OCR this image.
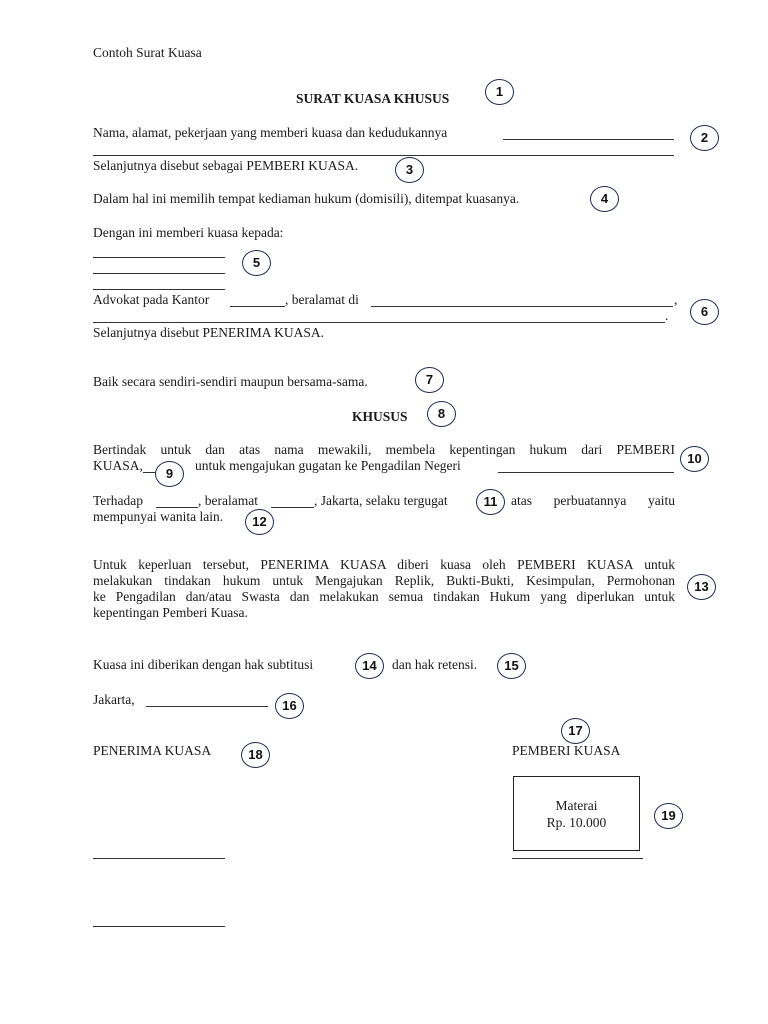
Contoh Surat Kuasa
SURAT KUASA KHUSUS	1
Nama, alamat, pekerjaan yang memberi kuasa dan kedudukannya	2
Selanjutnya disebut sebagai PEMBERI KUASA.	3
Dalam hal ini memilih tempat kediaman hukum (domisili), ditempat kuasanya.	4
Dengan ini memberi kuasa kepada:
5
Advokat pada Kantor	, beralamat di	,
.	6
Selanjutnya disebut PENERIMA KUASA.
Baik secara sendiri-sendiri maupun bersama-sama.	7
KHUSUS	8
Bertindak untuk dan atas nama mewakili, membela kepentingan hukum dari PEMBERI
KUASA,
9
untuk mengajukan gugatan ke Pengadilan Negeri	10
Terhadap	, beralamat	, Jakarta, selaku tergugat	11	atas perbuatannya yaitu
mempunyai wanita lain.	12
Untuk keperluan tersebut, PENERIMA KUASA diberi kuasa oleh PEMBERI KUASA untuk
melakukan tindakan hukum untuk Mengajukan Replik, Bukti-Bukti, Kesimpulan, Permohonan
ke Pengadilan dan/atau Swasta dan melakukan semua tindakan Hukum yang diperlukan untuk
kepentingan Pemberi Kuasa.
13
Kuasa ini diberikan dengan hak subtitusi	14	dan hak retensi.	15
Jakarta,	16
17
PENERIMA KUASA	18	PEMBERI KUASA
Materai
Rp. 10.000	19
